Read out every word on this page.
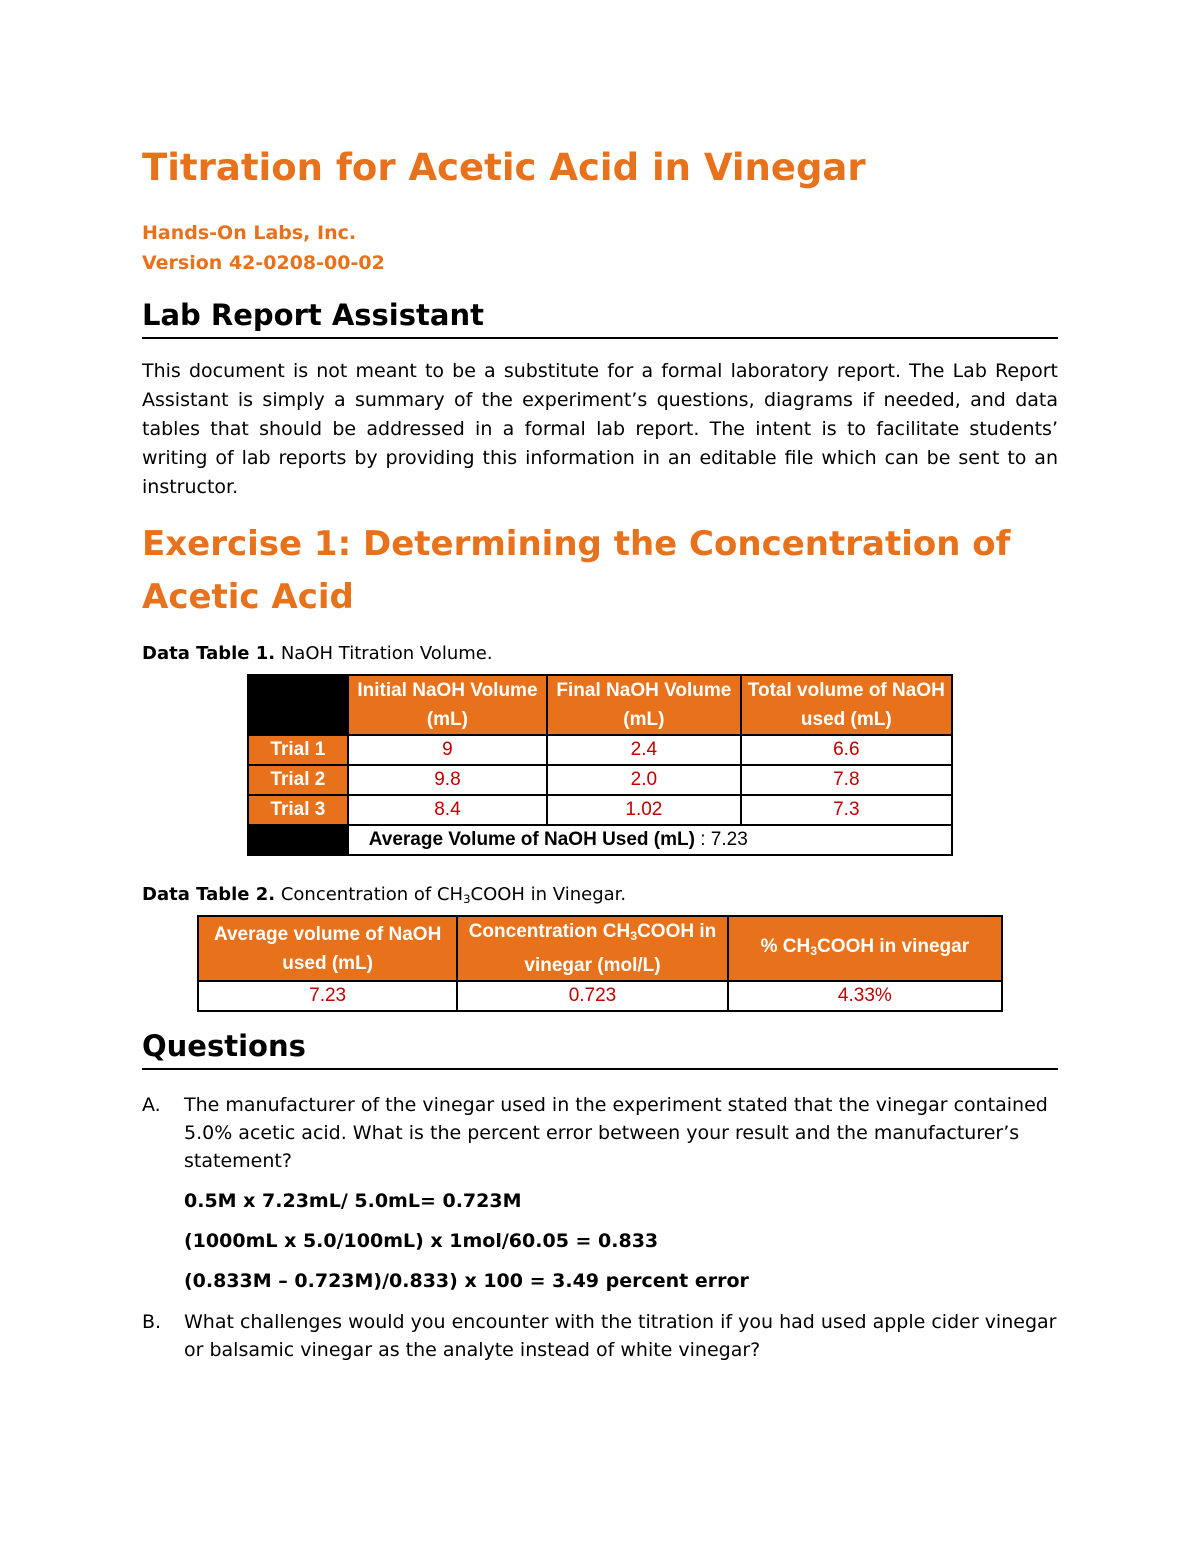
Titration for Acetic Acid in Vinegar
Hands-On Labs, Inc.
Version 42-0208-00-02
Lab Report Assistant
This document is not meant to be a substitute for a formal laboratory report. The Lab Report Assistant is simply a summary of the experiment’s questions, diagrams if needed, and data tables that should be addressed in a formal lab report. The intent is to facilitate students’ writing of lab reports by providing this information in an editable file which can be sent to an instructor.
Exercise 1: Determining the Concentration of Acetic Acid
Data Table 1. NaOH Titration Volume.
	Initial NaOH Volume (mL)	Final NaOH Volume (mL)	Total volume of NaOH used (mL)
Trial 1	9	2.4	6.6
Trial 2	9.8	2.0	7.8
Trial 3	8.4	1.02	7.3
	Average Volume of NaOH Used (mL) : 7.23		
Data Table 2. Concentration of $CH_3COOH$ in Vinegar.
Average volume of NaOH used (mL)	Concentration $CH_3COOH$ in vinegar (mol/L)	% $CH_3COOH$ in vinegar
7.23	0.723	4.33%
Questions
A. The manufacturer of the vinegar used in the experiment stated that the vinegar contained 5.0% acetic acid. What is the percent error between your result and the manufacturer’s statement?
0.5M x 7.23mL/ 5.0mL= 0.723M
(1000mL x 5.0/100mL) x 1mol/60.05 = 0.833
(0.833M – 0.723M)/0.833) x 100 = 3.49 percent error
B. What challenges would you encounter with the titration if you had used apple cider vinegar or balsamic vinegar as the analyte instead of white vinegar?
